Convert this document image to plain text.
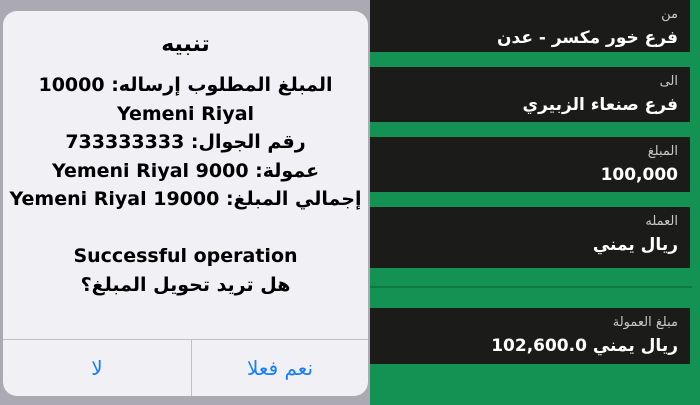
تنبيه
المبلغ المطلوب إرساله: 10000
Yemeni Riyal
رقم الجوال: 733333333
عمولة: Yemeni Riyal 9000
إجمالي المبلغ: Yemeni Riyal 19000
Successful operation
هل تريد تحويل المبلغ؟
نعم فعلا
لا
من
فرع خور مكسر - عدن
الى
فرع صنعاء الزبيري
المبلغ
100,000
العمله
ريال يمني
مبلغ العمولة
102,600.0 ريال يمني
